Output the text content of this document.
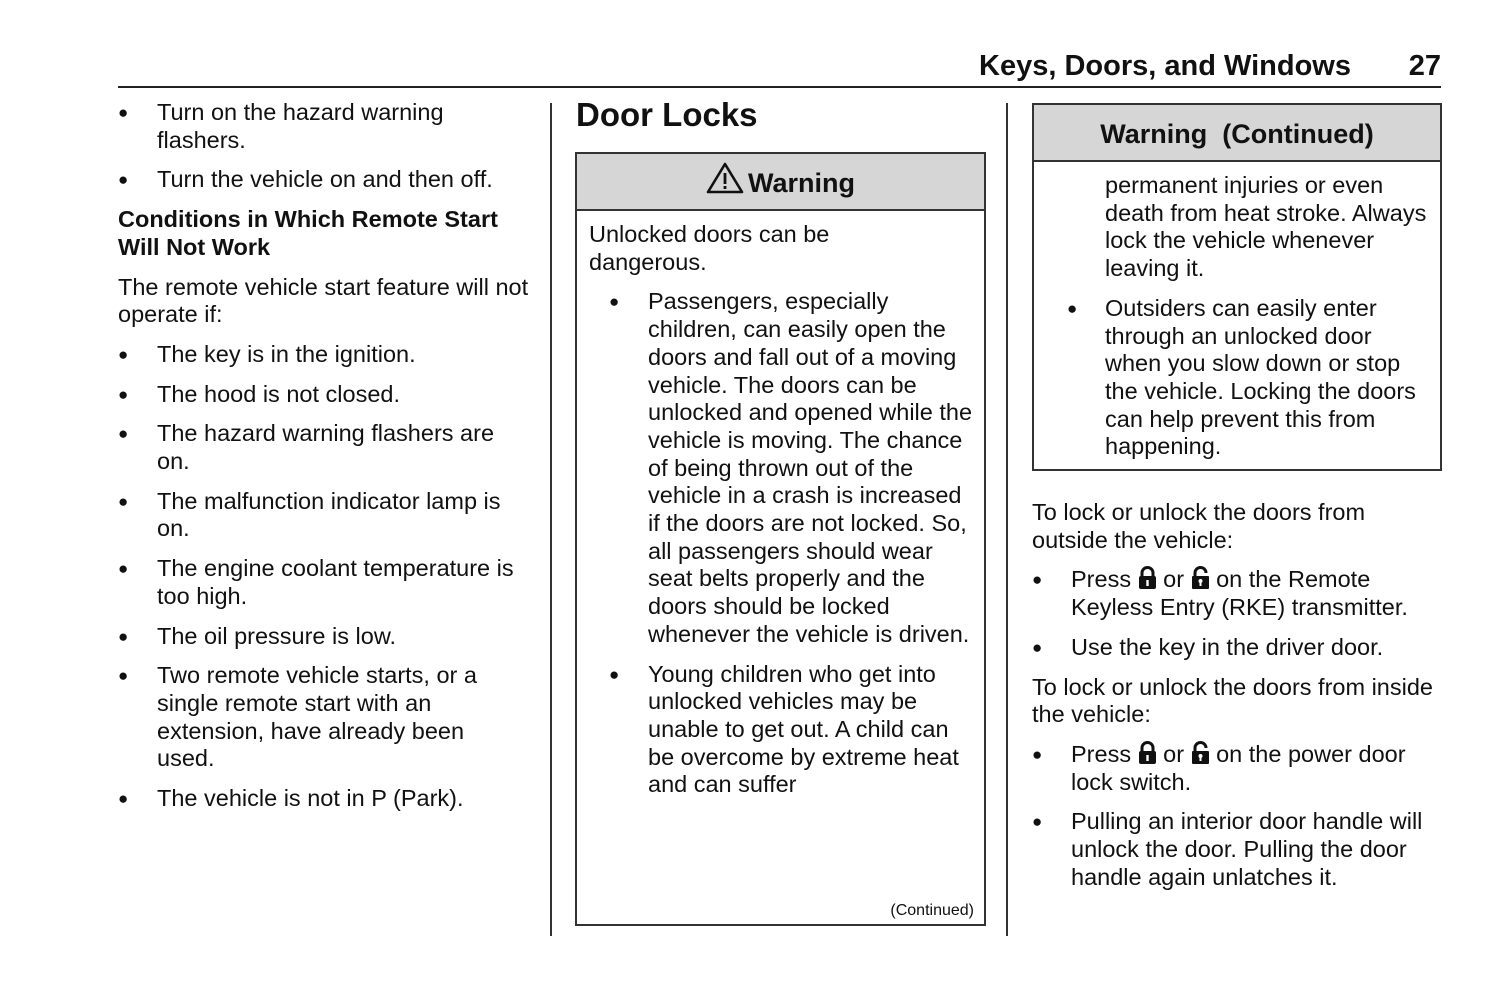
Keys, Doors, and Windows 27
● Turn on the hazard warning flashers.
● Turn the vehicle on and then off.
Conditions in Which Remote Start Will Not Work

The remote vehicle start feature will not operate if:

● The key is in the ignition.
● The hood is not closed.
● The hazard warning flashers are on.
● The malfunction indicator lamp is on.
● The engine coolant temperature is too high.
● The oil pressure is low.
● Two remote vehicle starts, or a single remote start with an extension, have already been used.
● The vehicle is not in P (Park).
Door Locks
Warning

Unlocked doors can be dangerous.

● Passengers, especially children, can easily open the doors and fall out of a moving vehicle. The doors can be unlocked and opened while the vehicle is moving. The chance of being thrown out of the vehicle in a crash is increased if the doors are not locked. So, all passengers should wear seat belts properly and the doors should be locked whenever the vehicle is driven.
● Young children who get into unlocked vehicles may be unable to get out. A child can be overcome by extreme heat and can suffer
(Continued)
Warning  (Continued)

permanent injuries or even death from heat stroke. Always lock the vehicle whenever leaving it.

● Outsiders can easily enter through an unlocked door when you slow down or stop the vehicle. Locking the doors can help prevent this from happening.

To lock or unlock the doors from outside the vehicle:

● Press or on the Remote Keyless Entry (RKE) transmitter.
● Use the key in the driver door.

To lock or unlock the doors from inside the vehicle:

● Press or on the power door lock switch.
● Pulling an interior door handle will unlock the door. Pulling the door handle again unlatches it.
